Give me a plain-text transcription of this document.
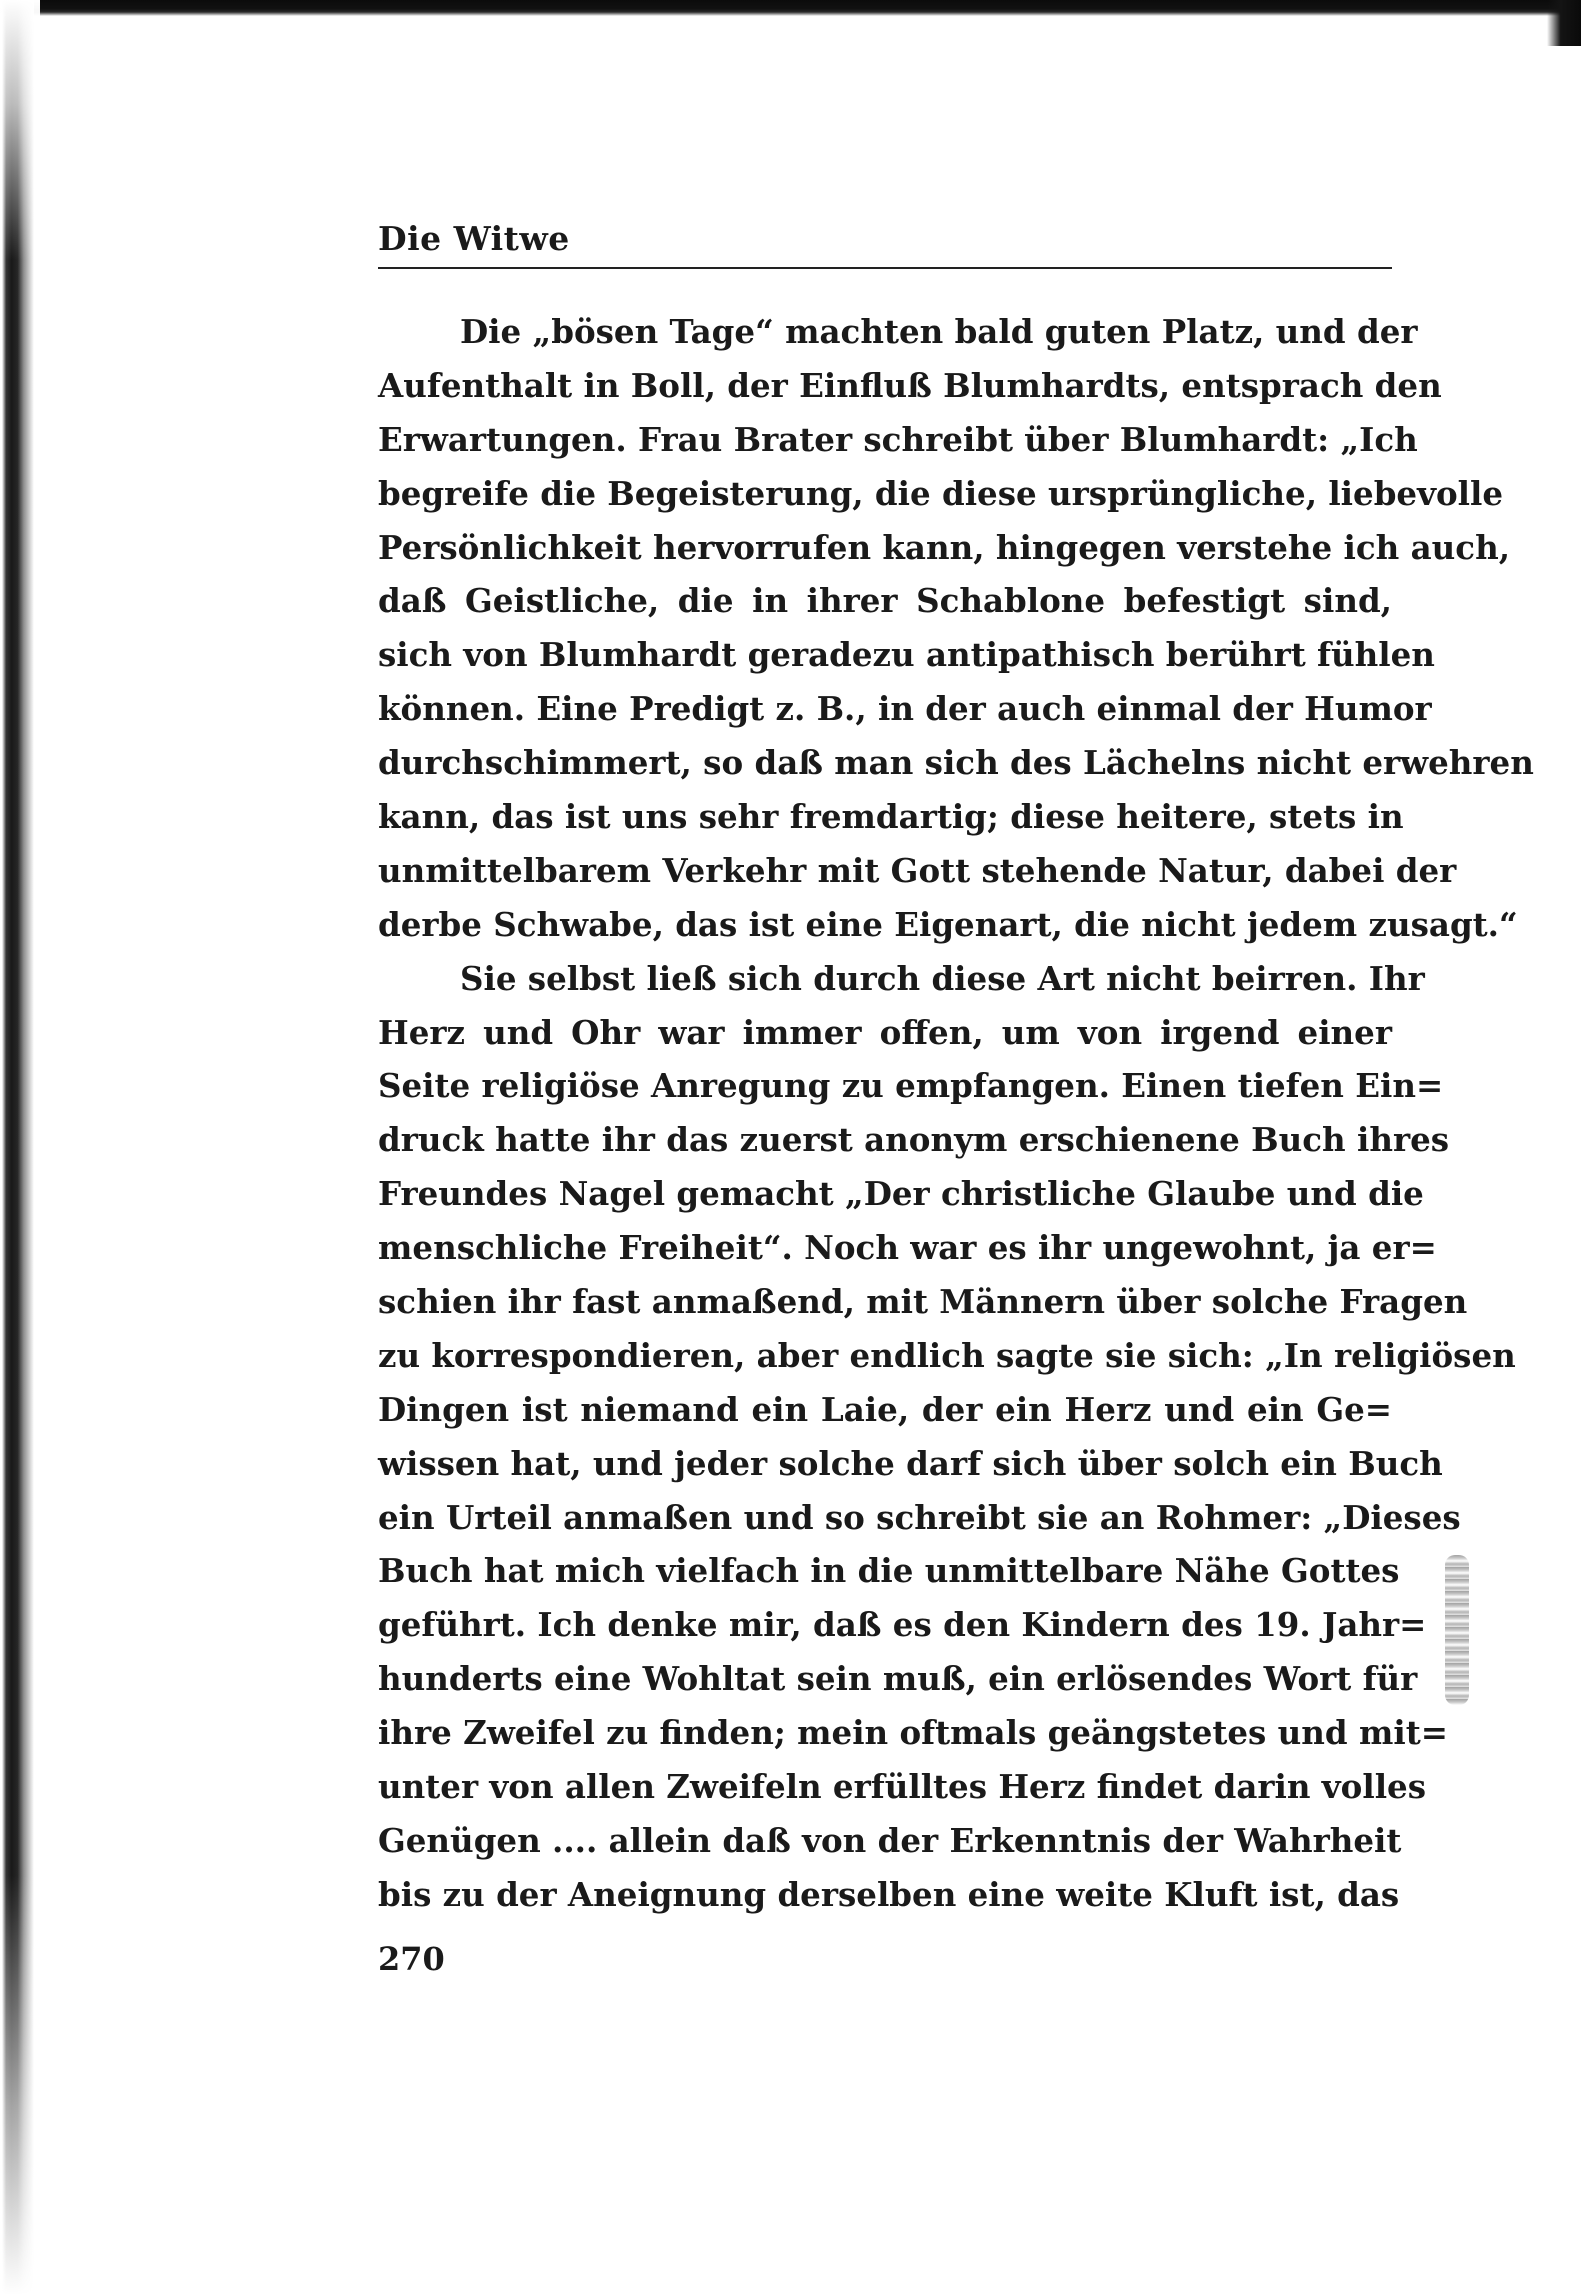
Die Witwe
Die „bösen Tage“ machten bald guten Platz, und der
Aufenthalt in Boll, der Einfluß Blumhardts, entsprach den
Erwartungen. Frau Brater schreibt über Blumhardt: „Ich
begreife die Begeisterung, die diese ursprüngliche, liebevolle
Persönlichkeit hervorrufen kann, hingegen verstehe ich auch,
daß Geistliche, die in ihrer Schablone befestigt sind,
sich von Blumhardt geradezu antipathisch berührt fühlen
können. Eine Predigt z. B., in der auch einmal der Humor
durchschimmert, so daß man sich des Lächelns nicht erwehren
kann, das ist uns sehr fremdartig; diese heitere, stets in
unmittelbarem Verkehr mit Gott stehende Natur, dabei der
derbe Schwabe, das ist eine Eigenart, die nicht jedem zusagt.“
Sie selbst ließ sich durch diese Art nicht beirren. Ihr
Herz und Ohr war immer offen, um von irgend einer
Seite religiöse Anregung zu empfangen. Einen tiefen Ein=
druck hatte ihr das zuerst anonym erschienene Buch ihres
Freundes Nagel gemacht „Der christliche Glaube und die
menschliche Freiheit“. Noch war es ihr ungewohnt, ja er=
schien ihr fast anmaßend, mit Männern über solche Fragen
zu korrespondieren, aber endlich sagte sie sich: „In religiösen
Dingen ist niemand ein Laie, der ein Herz und ein Ge=
wissen hat, und jeder solche darf sich über solch ein Buch
ein Urteil anmaßen und so schreibt sie an Rohmer: „Dieses
Buch hat mich vielfach in die unmittelbare Nähe Gottes
geführt. Ich denke mir, daß es den Kindern des 19. Jahr=
hunderts eine Wohltat sein muß, ein erlösendes Wort für
ihre Zweifel zu finden; mein oftmals geängstetes und mit=
unter von allen Zweifeln erfülltes Herz findet darin volles
Genügen .... allein daß von der Erkenntnis der Wahrheit
bis zu der Aneignung derselben eine weite Kluft ist, das
270
